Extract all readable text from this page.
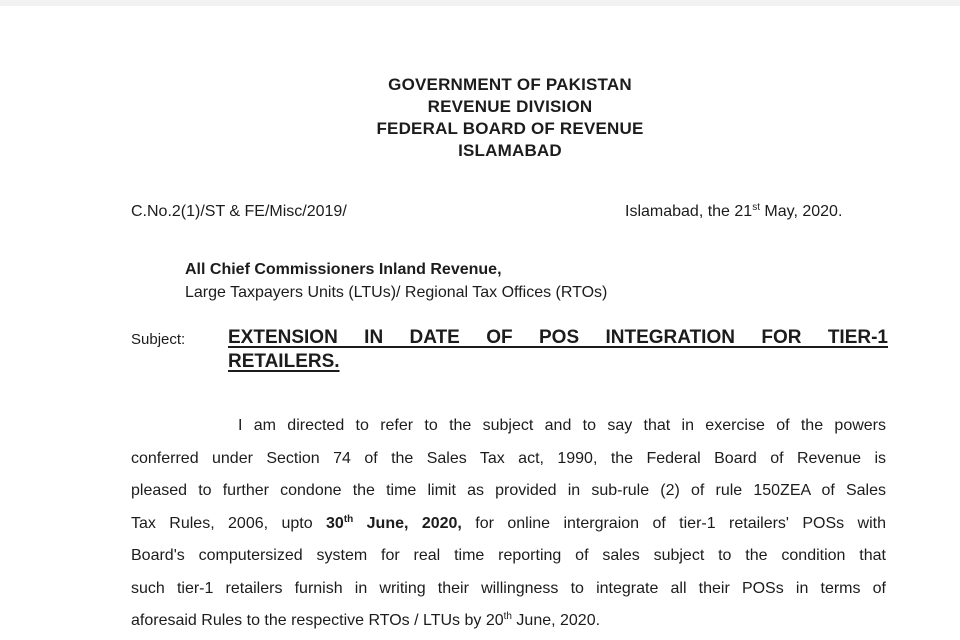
GOVERNMENT OF PAKISTAN
REVENUE DIVISION
FEDERAL BOARD OF REVENUE
ISLAMABAD
C.No.2(1)/ST & FE/Misc/2019/	Islamabad, the 21st May, 2020.
All Chief Commissioners Inland Revenue,
Large Taxpayers Units (LTUs)/ Regional Tax Offices (RTOs)
Subject: EXTENSION IN DATE OF POS INTEGRATION FOR TIER-1
RETAILERS.
I am directed to refer to the subject and to say that in exercise of the powers
conferred under Section 74 of the Sales Tax act, 1990, the Federal Board of Revenue is
pleased to further condone the time limit as provided in sub-rule (2) of rule 150ZEA of Sales
Tax Rules, 2006, upto 30th June, 2020, for online intergraion of tier-1 retailers' POSs with
Board's computersized system for real time reporting of sales subject to the condition that
such tier-1 retailers furnish in writing their willingness to integrate all their POSs in terms of
aforesaid Rules to the respective RTOs / LTUs by 20th June, 2020.
